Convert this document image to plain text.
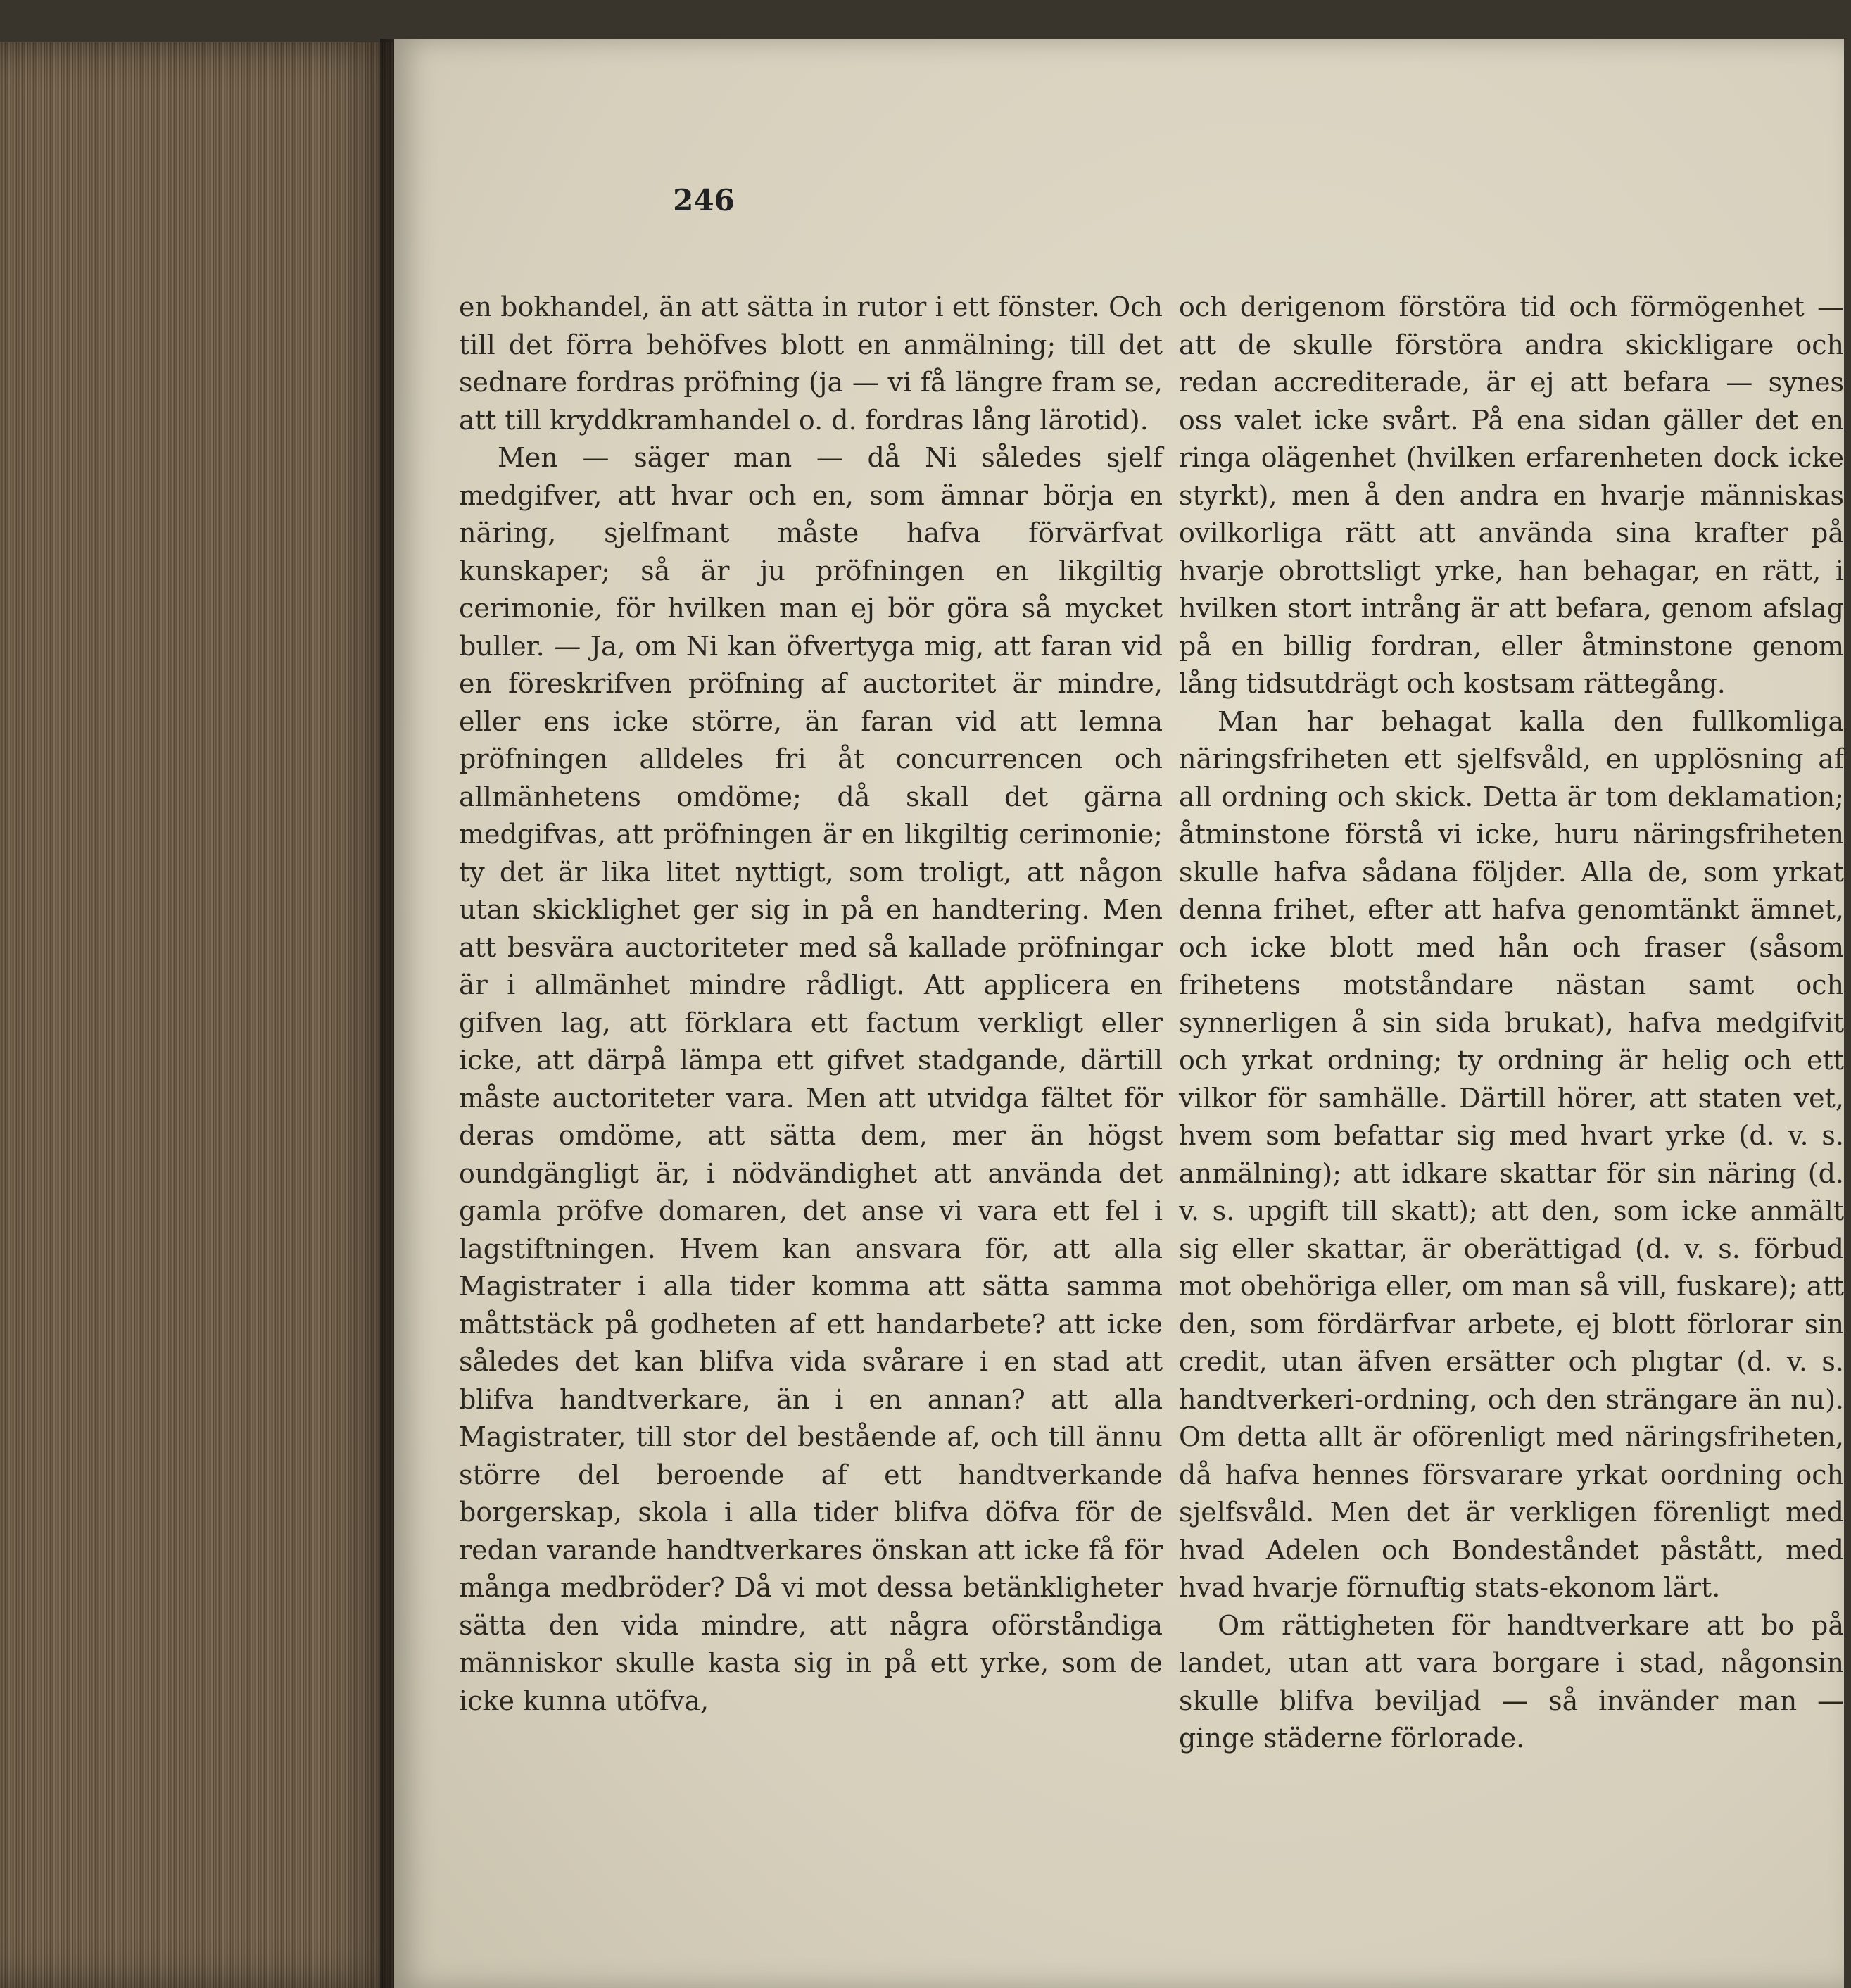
246

en bokhandel, än att sätta in rutor i ett fönster. Och till det förra behöfves blott en anmälning; till det sednare fordras pröfning (ja — vi få längre fram se, att till kryddkramhandel o. d. fordras lång lärotid).

Men — säger man — då Ni således sjelf medgifver, att hvar och en, som ämnar börja en näring, sjelfmant måste hafva förvärfvat kunskaper; så är ju pröfningen en likgiltig cerimonie, för hvilken man ej bör göra så mycket buller. — Ja, om Ni kan öfvertyga mig, att faran vid en föreskrifven pröfning af auctoritet är mindre, eller ens icke större, än faran vid att lemna pröfningen alldeles fri åt concurrencen och allmänhetens omdöme; då skall det gärna medgifvas, att pröfningen är en likgiltig cerimonie; ty det är lika litet nyttigt, som troligt, att någon utan skicklighet ger sig in på en handtering. Men att besvära auctoriteter med så kallade pröfningar är i allmänhet mindre rådligt. Att applicera en gifven lag, att förklara ett factum verkligt eller icke, att därpå lämpa ett gifvet stadgande, därtill måste auctoriteter vara. Men att utvidga fältet för deras omdöme, att sätta dem, mer än högst oundgängligt är, i nödvändighet att använda det gamla pröfve domaren, det anse vi vara ett fel i lagstiftningen. Hvem kan ansvara för, att alla Magistrater i alla tider komma att sätta samma måttstäck på godheten af ett handarbete? att icke således det kan blifva vida svårare i en stad att blifva handtverkare, än i en annan? att alla Magistrater, till stor del bestående af, och till ännu större del beroende af ett handtverkande borgerskap, skola i alla tider blifva döfva för de redan varande handtverkares önskan att icke få för många medbröder? Då vi mot dessa betänkligheter sätta den vida mindre, att några oförståndiga människor skulle kasta sig in på ett yrke, som de icke kunna utöfva,

och derigenom förstöra tid och förmögenhet — att de skulle förstöra andra skickligare och redan accrediterade, är ej att befara — synes oss valet icke svårt. På ena sidan gäller det en ringa olägenhet (hvilken erfarenheten dock icke styrkt), men å den andra en hvarje människas ovilkorliga rätt att använda sina krafter på hvarje obrottsligt yrke, han behagar, en rätt, i hvilken stort intrång är att befara, genom afslag på en billig fordran, eller åtminstone genom lång tidsutdrägt och kostsam rättegång.

Man har behagat kalla den fullkomliga näringsfriheten ett sjelfsvåld, en upplösning af all ordning och skick. Detta är tom deklamation; åtminstone förstå vi icke, huru näringsfriheten skulle hafva sådana följder. Alla de, som yrkat denna frihet, efter att hafva genomtänkt ämnet, och icke blott med hån och fraser (såsom frihetens motståndare nästan samt och synnerligen å sin sida brukat), hafva medgifvit och yrkat ordning; ty ordning är helig och ett vilkor för samhälle. Därtill hörer, att staten vet, hvem som befattar sig med hvart yrke (d. v. s. anmälning); att idkare skattar för sin näring (d. v. s. upgift till skatt); att den, som icke anmält sig eller skattar, är oberättigad (d. v. s. förbud mot obehöriga eller, om man så vill, fuskare); att den, som fördärfvar arbete, ej blott förlorar sin credit, utan äfven ersätter och plıgtar (d. v. s. handtverkeri-ordning, och den strängare än nu). Om detta allt är oförenligt med näringsfriheten, då hafva hennes försvarare yrkat oordning och sjelfsvåld. Men det är verkligen förenligt med hvad Adelen och Bondeståndet påstått, med hvad hvarje förnuftig stats-ekonom lärt.

Om rättigheten för handtverkare att bo på landet, utan att vara borgare i stad, någonsin skulle blifva beviljad — så invänder man — ginge städerne förlorade.
